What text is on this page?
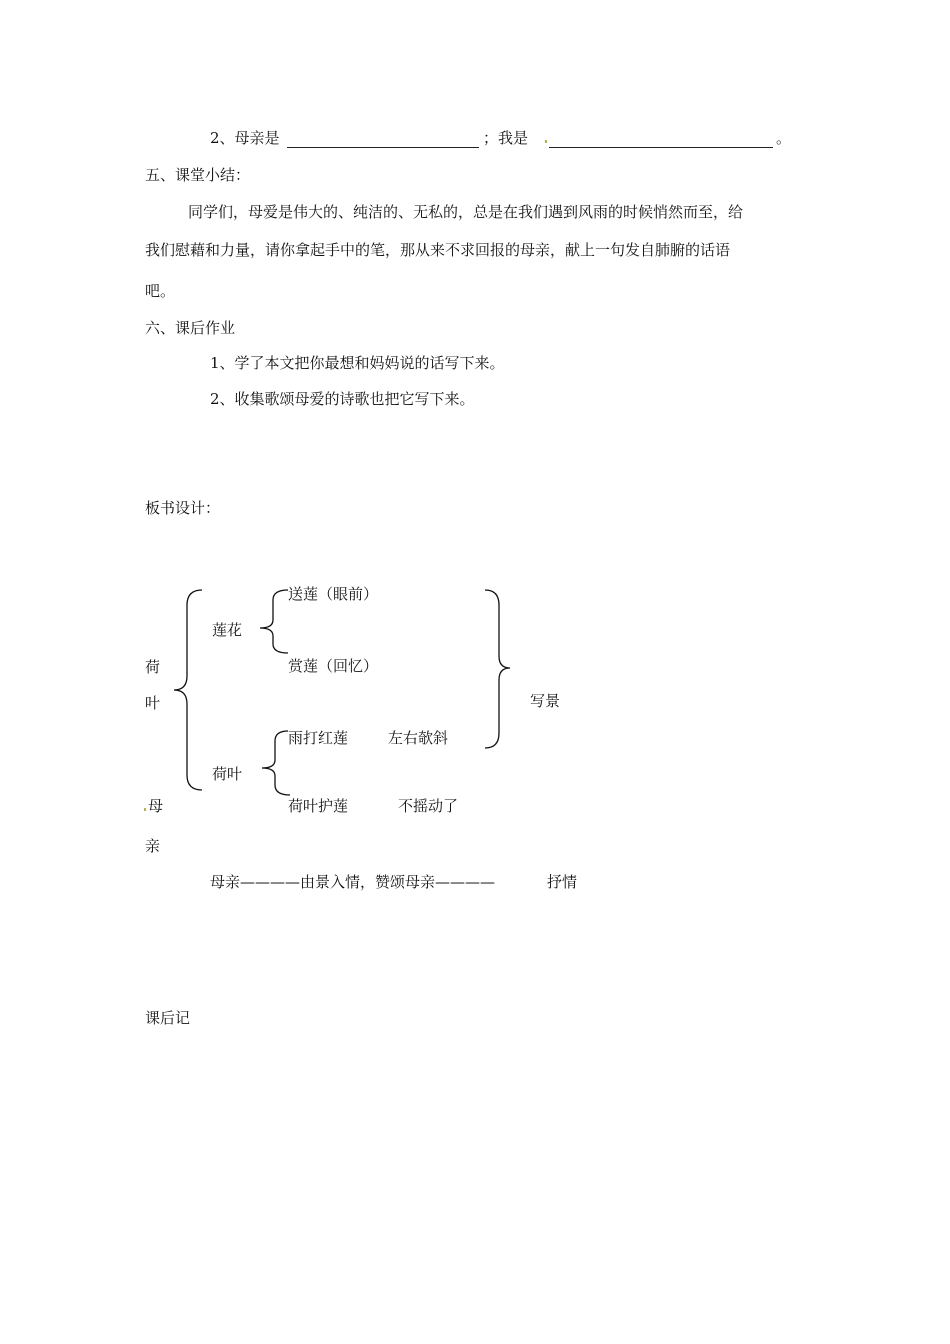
2、母亲是	；我是	。
五、课堂小结：
同学们，母爱是伟大的、纯洁的、无私的，总是在我们遇到风雨的时候悄然而至，给
我们慰藉和力量，请你拿起手中的笔，那从来不求回报的母亲，献上一句发自肺腑的话语
吧。
六、课后作业
1、学了本文把你最想和妈妈说的话写下来。
2、收集歌颂母爱的诗歌也把它写下来。
板书设计：
莲花
送莲（眼前）
赏莲（回忆）
荷
叶	写景
雨打红莲	左右欹斜
荷叶
母	荷叶护莲	不摇动了
亲
母亲————由景入情，赞颂母亲————	抒情
课后记
